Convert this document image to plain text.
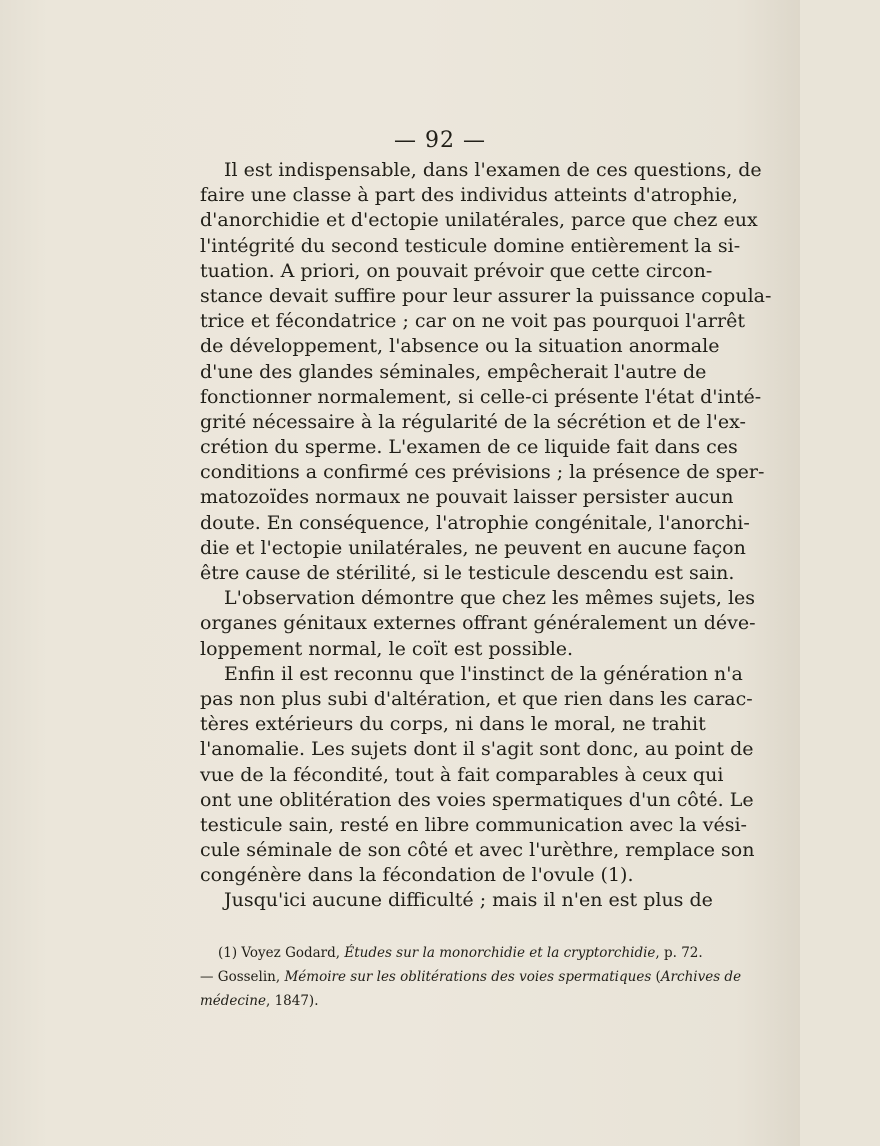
— 92 —
Il est indispensable, dans l'examen de ces questions, de
faire une classe à part des individus atteints d'atrophie,
d'anorchidie et d'ectopie unilatérales, parce que chez eux
l'intégrité du second testicule domine entièrement la si-
tuation. A priori, on pouvait prévoir que cette circon-
stance devait suffire pour leur assurer la puissance copula-
trice et fécondatrice ; car on ne voit pas pourquoi l'arrêt
de développement, l'absence ou la situation anormale
d'une des glandes séminales, empêcherait l'autre de
fonctionner normalement, si celle-ci présente l'état d'inté-
grité nécessaire à la régularité de la sécrétion et de l'ex-
crétion du sperme. L'examen de ce liquide fait dans ces
conditions a confirmé ces prévisions ; la présence de sper-
matozoïdes normaux ne pouvait laisser persister aucun
doute. En conséquence, l'atrophie congénitale, l'anorchi-
die et l'ectopie unilatérales, ne peuvent en aucune façon
être cause de stérilité, si le testicule descendu est sain.
L'observation démontre que chez les mêmes sujets, les
organes génitaux externes offrant généralement un déve-
loppement normal, le coït est possible.
Enfin il est reconnu que l'instinct de la génération n'a
pas non plus subi d'altération, et que rien dans les carac-
tères extérieurs du corps, ni dans le moral, ne trahit
l'anomalie. Les sujets dont il s'agit sont donc, au point de
vue de la fécondité, tout à fait comparables à ceux qui
ont une oblitération des voies spermatiques d'un côté. Le
testicule sain, resté en libre communication avec la vési-
cule séminale de son côté et avec l'urèthre, remplace son
congénère dans la fécondation de l'ovule (1).
Jusqu'ici aucune difficulté ; mais il n'en est plus de
(1) Voyez Godard, Études sur la monorchidie et la cryptorchidie, p. 72.
— Gosselin, Mémoire sur les oblitérations des voies spermatiques (Archives de
médecine, 1847).
